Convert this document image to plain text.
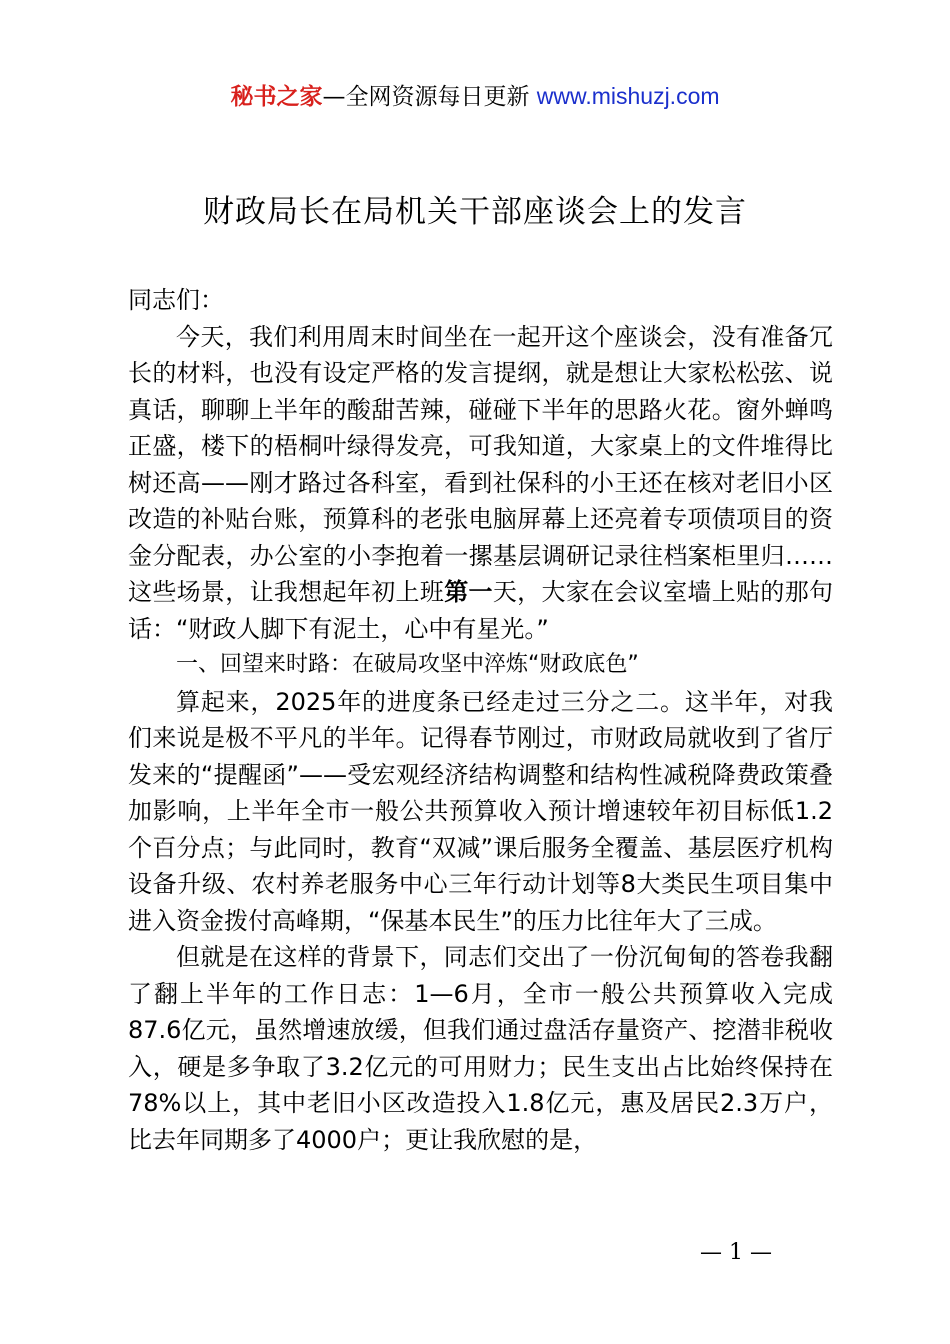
秘书之家—全网资源每日更新 www.mishuzj.com
财政局长在局机关干部座谈会上的发言

同志们：

今天，我们利用周末时间坐在一起开这个座谈会，没有准备冗长的材料，也没有设定严格的发言提纲，就是想让大家松松弦、说真话，聊聊上半年的酸甜苦辣，碰碰下半年的思路火花。窗外蝉鸣正盛，楼下的梧桐叶绿得发亮，可我知道，大家桌上的文件堆得比树还高——刚才路过各科室，看到社保科的小王还在核对老旧小区改造的补贴台账，预算科的老张电脑屏幕上还亮着专项债项目的资金分配表，办公室的小李抱着一摞基层调研记录往档案柜里归……这些场景，让我想起年初上班第一天，大家在会议室墙上贴的那句话：“财政人脚下有泥土，心中有星光。”

一、回望来时路：在破局攻坚中淬炼“财政底色”

算起来，2025年的进度条已经走过三分之二。这半年，对我们来说是极不平凡的半年。记得春节刚过，市财政局就收到了省厅发来的“提醒函”——受宏观经济结构调整和结构性减税降费政策叠加影响，上半年全市一般公共预算收入预计增速较年初目标低1.2个百分点；与此同时，教育“双减”课后服务全覆盖、基层医疗机构设备升级、农村养老服务中心三年行动计划等8大类民生项目集中进入资金拨付高峰期，“保基本民生”的压力比往年大了三成。

但就是在这样的背景下，同志们交出了一份沉甸甸的答卷我翻了翻上半年的工作日志：1—6月，全市一般公共预算收入完成87.6亿元，虽然增速放缓，但我们通过盘活存量资产、挖潜非税收入，硬是多争取了3.2亿元的可用财力；民生支出占比始终保持在78%以上，其中老旧小区改造投入1.8亿元，惠及居民2.3万户，比去年同期多了4000户；更让我欣慰的是，

— 1 —
